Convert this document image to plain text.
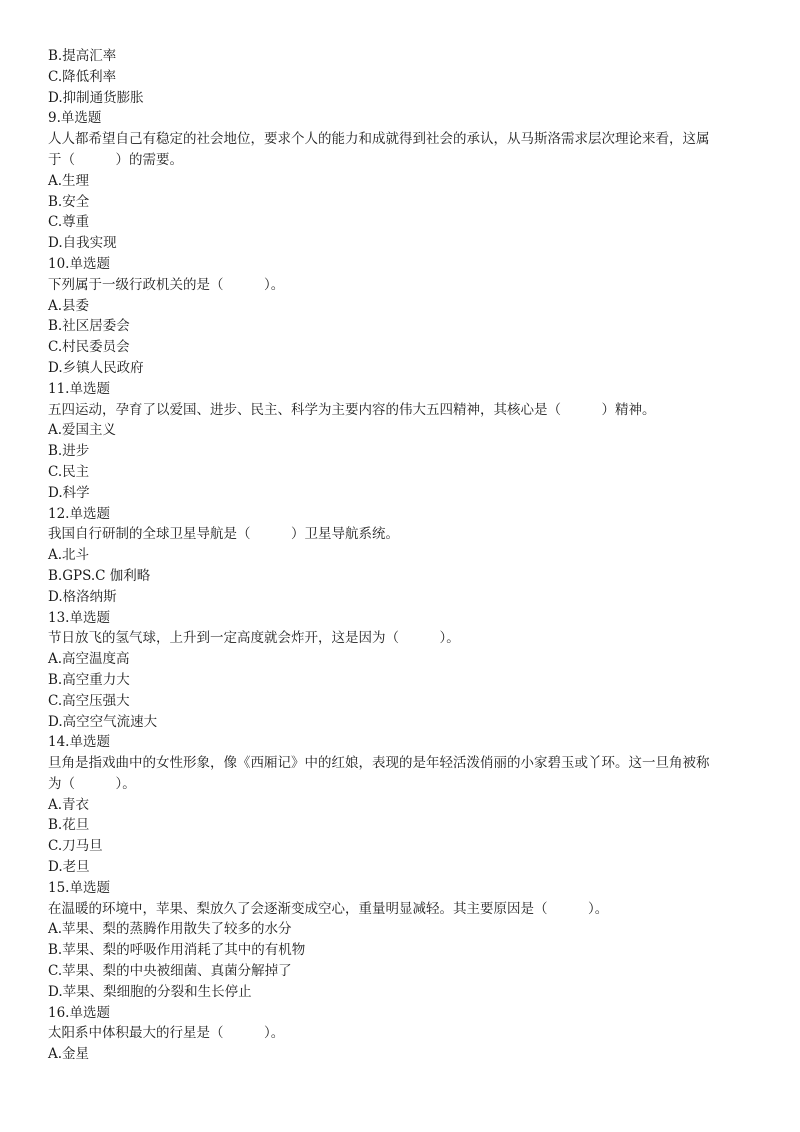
B.提高汇率
C.降低利率
D.抑制通货膨胀
9.单选题
人人都希望自己有稳定的社会地位，要求个人的能力和成就得到社会的承认，从马斯洛需求层次理论来看，这属
于（　　　）的需要。
A.生理
B.安全
C.尊重
D.自我实现
10.单选题
下列属于一级行政机关的是（　　　）。
A.县委
B.社区居委会
C.村民委员会
D.乡镇人民政府
11.单选题
五四运动，孕育了以爱国、进步、民主、科学为主要内容的伟大五四精神，其核心是（　　　）精神。
A.爱国主义
B.进步
C.民主
D.科学
12.单选题
我国自行研制的全球卫星导航是（　　　）卫星导航系统。
A.北斗
B.GPS.C 伽利略
D.格洛纳斯
13.单选题
节日放飞的氢气球，上升到一定高度就会炸开，这是因为（　　　）。
A.高空温度高
B.高空重力大
C.高空压强大
D.高空空气流速大
14.单选题
旦角是指戏曲中的女性形象，像《西厢记》中的红娘，表现的是年轻活泼俏丽的小家碧玉或丫环。这一旦角被称
为（　　　）。
A.青衣
B.花旦
C.刀马旦
D.老旦
15.单选题
在温暖的环境中，苹果、梨放久了会逐渐变成空心，重量明显减轻。其主要原因是（　　　）。
A.苹果、梨的蒸腾作用散失了较多的水分
B.苹果、梨的呼吸作用消耗了其中的有机物
C.苹果、梨的中央被细菌、真菌分解掉了
D.苹果、梨细胞的分裂和生长停止
16.单选题
太阳系中体积最大的行星是（　　　）。
A.金星
